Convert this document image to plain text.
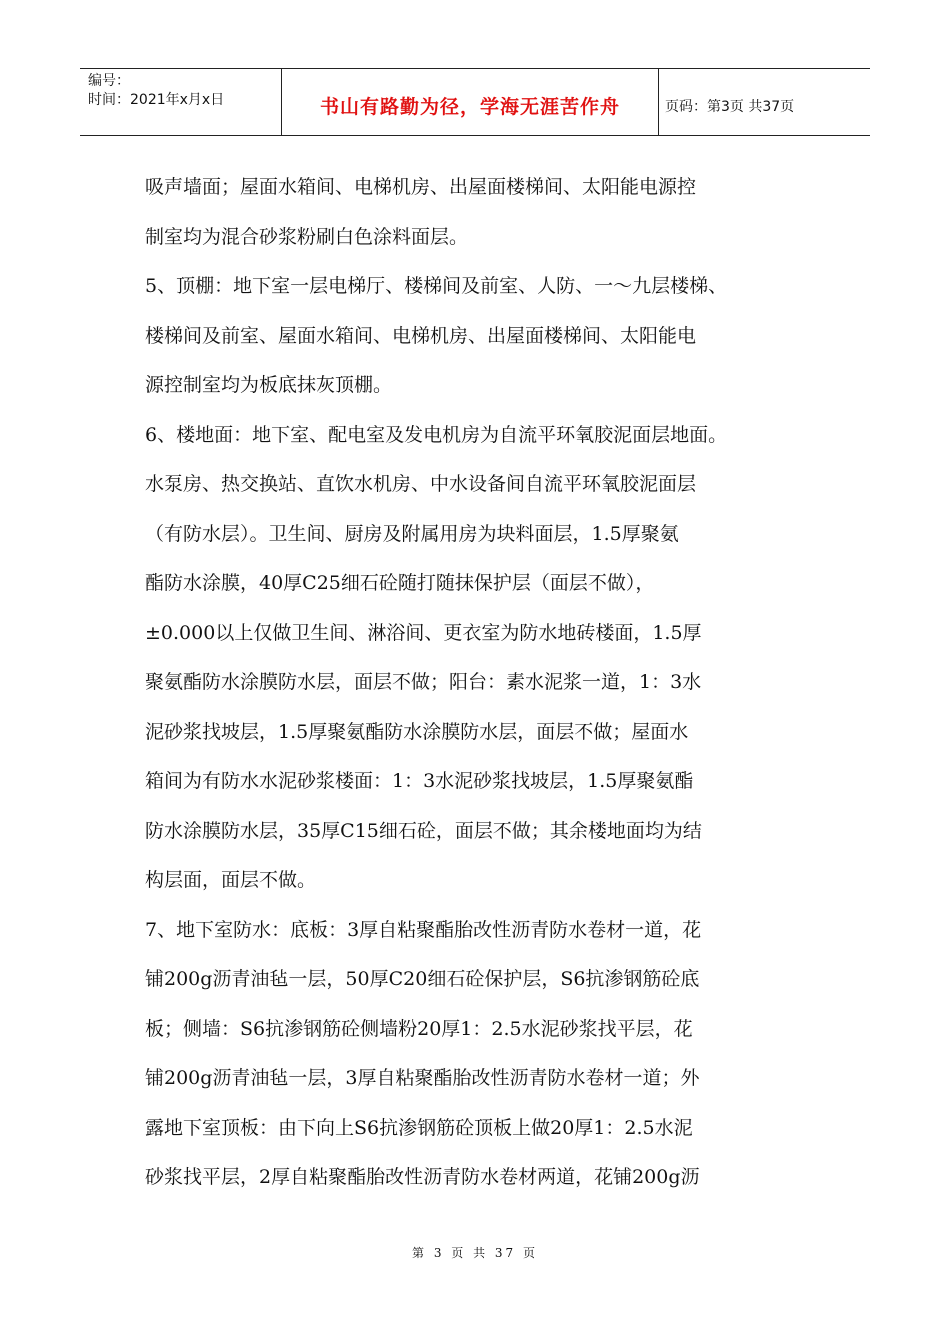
编号：
时间：2021年x月x日	书山有路勤为径，学海无涯苦作舟	页码：第3页 共37页
吸声墙面；屋面水箱间、电梯机房、出屋面楼梯间、太阳能电源控
制室均为混合砂浆粉刷白色涂料面层。
5、顶棚：地下室一层电梯厅、楼梯间及前室、人防、一～九层楼梯、
楼梯间及前室、屋面水箱间、电梯机房、出屋面楼梯间、太阳能电
源控制室均为板底抹灰顶棚。
6、楼地面：地下室、配电室及发电机房为自流平环氧胶泥面层地面。
水泵房、热交换站、直饮水机房、中水设备间自流平环氧胶泥面层
（有防水层）。卫生间、厨房及附属用房为块料面层，1.5厚聚氨
酯防水涂膜，40厚C25细石砼随打随抹保护层（面层不做），
±0.000以上仅做卫生间、淋浴间、更衣室为防水地砖楼面，1.5厚
聚氨酯防水涂膜防水层，面层不做；阳台：素水泥浆一道，1：3水
泥砂浆找坡层，1.5厚聚氨酯防水涂膜防水层，面层不做；屋面水
箱间为有防水水泥砂浆楼面：1：3水泥砂浆找坡层，1.5厚聚氨酯
防水涂膜防水层，35厚C15细石砼，面层不做；其余楼地面均为结
构层面，面层不做。
7、地下室防水：底板：3厚自粘聚酯胎改性沥青防水卷材一道，花
铺200g沥青油毡一层，50厚C20细石砼保护层，S6抗渗钢筋砼底
板；侧墙：S6抗渗钢筋砼侧墙粉20厚1：2.5水泥砂浆找平层，花
铺200g沥青油毡一层，3厚自粘聚酯胎改性沥青防水卷材一道；外
露地下室顶板：由下向上S6抗渗钢筋砼顶板上做20厚1：2.5水泥
砂浆找平层，2厚自粘聚酯胎改性沥青防水卷材两道，花铺200g沥
第 3 页 共 37 页
